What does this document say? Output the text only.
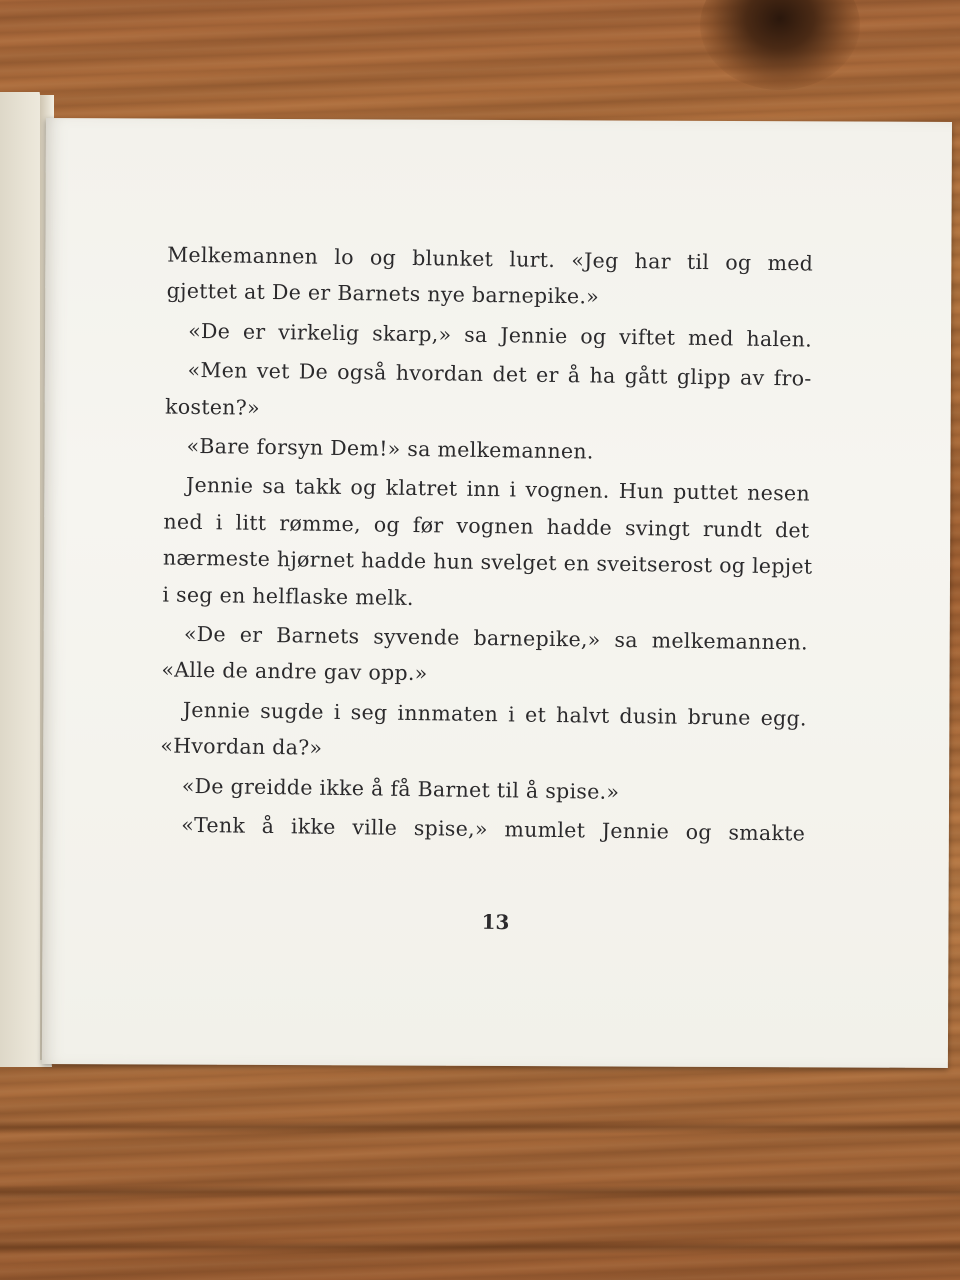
Melkemannen lo og blunket lurt. «Jeg har til og med
gjettet at De er Barnets nye barnepike.»

«De er virkelig skarp,» sa Jennie og viftet med halen.

«Men vet De også hvordan det er å ha gått glipp av fro-
kosten?»

«Bare forsyn Dem!» sa melkemannen.

Jennie sa takk og klatret inn i vognen. Hun puttet nesen
ned i litt rømme, og før vognen hadde svingt rundt det
nærmeste hjørnet hadde hun svelget en sveitserost og lepjet
i seg en helflaske melk.

«De er Barnets syvende barnepike,» sa melkemannen.
«Alle de andre gav opp.»

Jennie sugde i seg innmaten i et halvt dusin brune egg.
«Hvordan da?»

«De greidde ikke å få Barnet til å spise.»

«Tenk å ikke ville spise,» mumlet Jennie og smakte

13
